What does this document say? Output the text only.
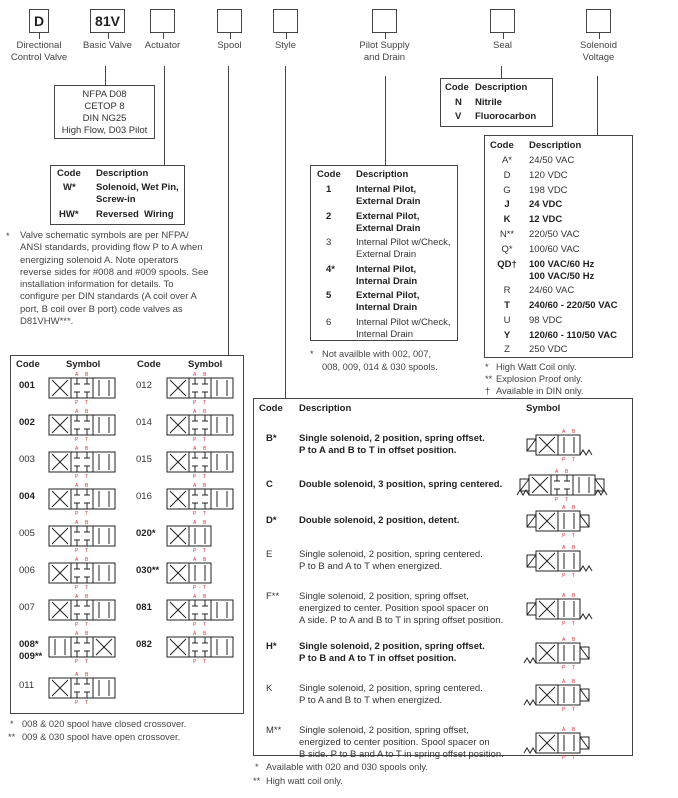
D
Directional
Control Valve
81V
Basic Valve Actuator	Spool	Style	Pilot Supply
and Drain
Seal	Solenoid
Voltage
NFPA D08
CETOP 8
DIN NG25
High Flow, D03 Pilot
Code Description
W* Solenoid, Wet Pin,
Screw-in
HW* Reversed  Wiring
* Valve schematic symbols are per NFPA/ ANSI standards, providing flow P to A when energizing solenoid A. Note operators reverse sides for #008 and #009 spools. See installation information for details. To configure per DIN standards (A coil over A port, B coil over B port) code valves as D81VHW***.
Code	Symbol	Code	Symbol
001
A B
P T
002
A B
P T
003
A B
P T
004
A B
P T
005
A B
P T
006
A B
P T
007
A B
P T
008*
009**
A B
P T
011
A B
P T
012
A B
P T
014
A B
P T
015
A B
P T
016
A B
P T
020*
A B
P T
030**
A B
P T
081
A B
P T
082
A B
P T
* 008 & 020 spool have closed crossover.
** 009 & 030 spool have open crossover.
Code Description
1	Internal Pilot,
External Drain
2	External Pilot,
External Drain
3	Internal Pilot w/Check,
External Drain
4* Internal Pilot,
Internal Drain
5	External Pilot,
Internal Drain
6	Internal Pilot w/Check,
Internal Drain
* Not availble with 002, 007,
008, 009, 014 & 030 spools.
Code Description
N Nitrile
V Fluorocarbon
Code Description
A*	24/50 VAC
D	120 VDC
G	198 VDC
J	24 VDC
K	12 VDC
N**	220/50 VAC
Q*	100/60 VAC
QD† 100 VAC/60 Hz
100 VAC/50 Hz
R	24/60 VAC
T	240/60 - 220/50 VAC
U	98 VDC
Y	120/60 - 110/50 VAC
Z	250 VDC
* High Watt Coil only.
** Explosion Proof only.
† Available in DIN only.
Code Description	Symbol
B* Single solenoid, 2 position, spring offset.
P to A and B to T in offset position.
A B
P T
C	Double solenoid, 3 position, spring centered.
A B
P T
D* Double solenoid, 2 position, detent.
A B
P T
E	Single solenoid, 2 position, spring centered.
P to B and A to T when energized.
A B
P T
F** Single solenoid, 2 position, spring offset,
energized to center. Position spool spacer on
A side. P to A and B to T in spring offset position.
A B
P T
H* Single solenoid, 2 position, spring offset.
P to B and A to T in offset position.
A B
P T
K	Single solenoid, 2 position, spring centered.
P to A and B to T when energized.
A B
P T
M** Single solenoid, 2 position, spring offset,
energized to center position. Spool spacer on
B side. P to B and A to T in spring offset position.
A B
P T
* Available with 020 and 030 spools only.
** High watt coil only.
